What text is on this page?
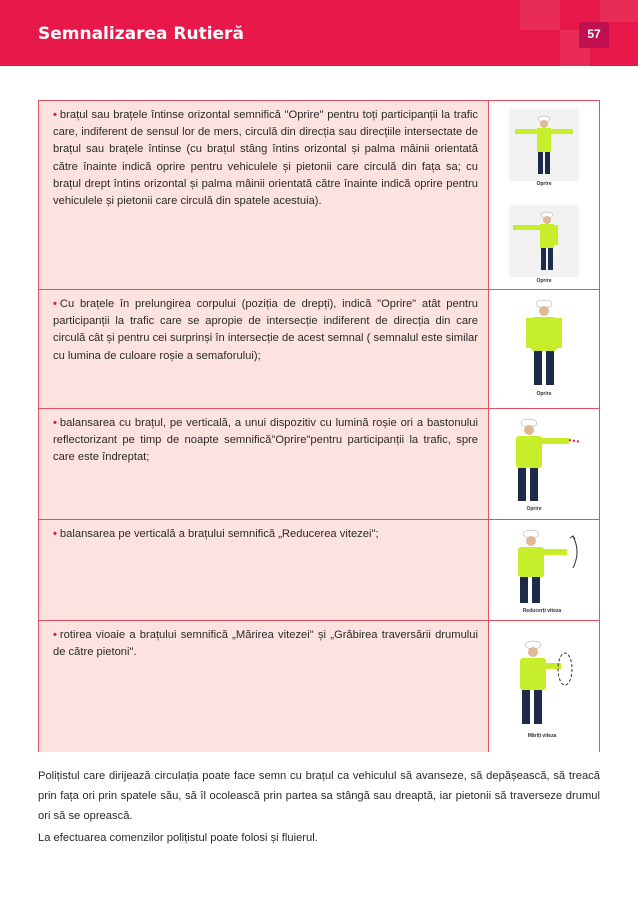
Semnalizarea Rutieră	57
• brațul sau brațele întinse orizontal semnifică "Oprire" pentru toți participanții la trafic care, indiferent de sensul lor de mers, circulă din direcția sau direcțiile intersectate de brațul sau brațele întinse (cu brațul stâng întins orizontal și palma mâinii orientată către înainte indică oprire pentru vehiculele și pietonii care circulă din fața sa; cu brațul drept întins orizontal și palma mâinii orientată către înainte indică oprire pentru vehiculele și pietonii care circulă din spatele acestuia).
Oprire
Oprire
• Cu brațele în prelungirea corpului (poziția de drepți), indică "Oprire" atât pentru participanții la trafic care se apropie de intersecție indiferent de direcția din care circulă cât și pentru cei surprinși în intersecție de acest semnal ( semnalul este similar cu lumina de culoare roșie a semaforului);
Oprire
• balansarea cu brațul, pe verticală, a unui dispozitiv cu lumină roșie ori a bastonului reflectorizant pe timp de noapte semnifică"Oprire"pentru participanții la trafic, spre care este îndreptat;
Oprire
• balansarea pe verticală a brațului semnifică „Reducerea vitezei";
Reducerți viteza
• rotirea vioaie a brațului semnifică „Mărirea vitezei" și „Grăbirea traversării drumului de către pietoni".
Măriți viteza
Polițistul care dirijează circulația poate face semn cu brațul ca vehiculul să avanseze, să depășească, să treacă prin fața ori prin spatele său, să îl ocolească prin partea sa stângă sau dreaptă, iar pietonii să traverseze drumul ori să se oprească.
La efectuarea comenzilor polițistul poate folosi și fluierul.
